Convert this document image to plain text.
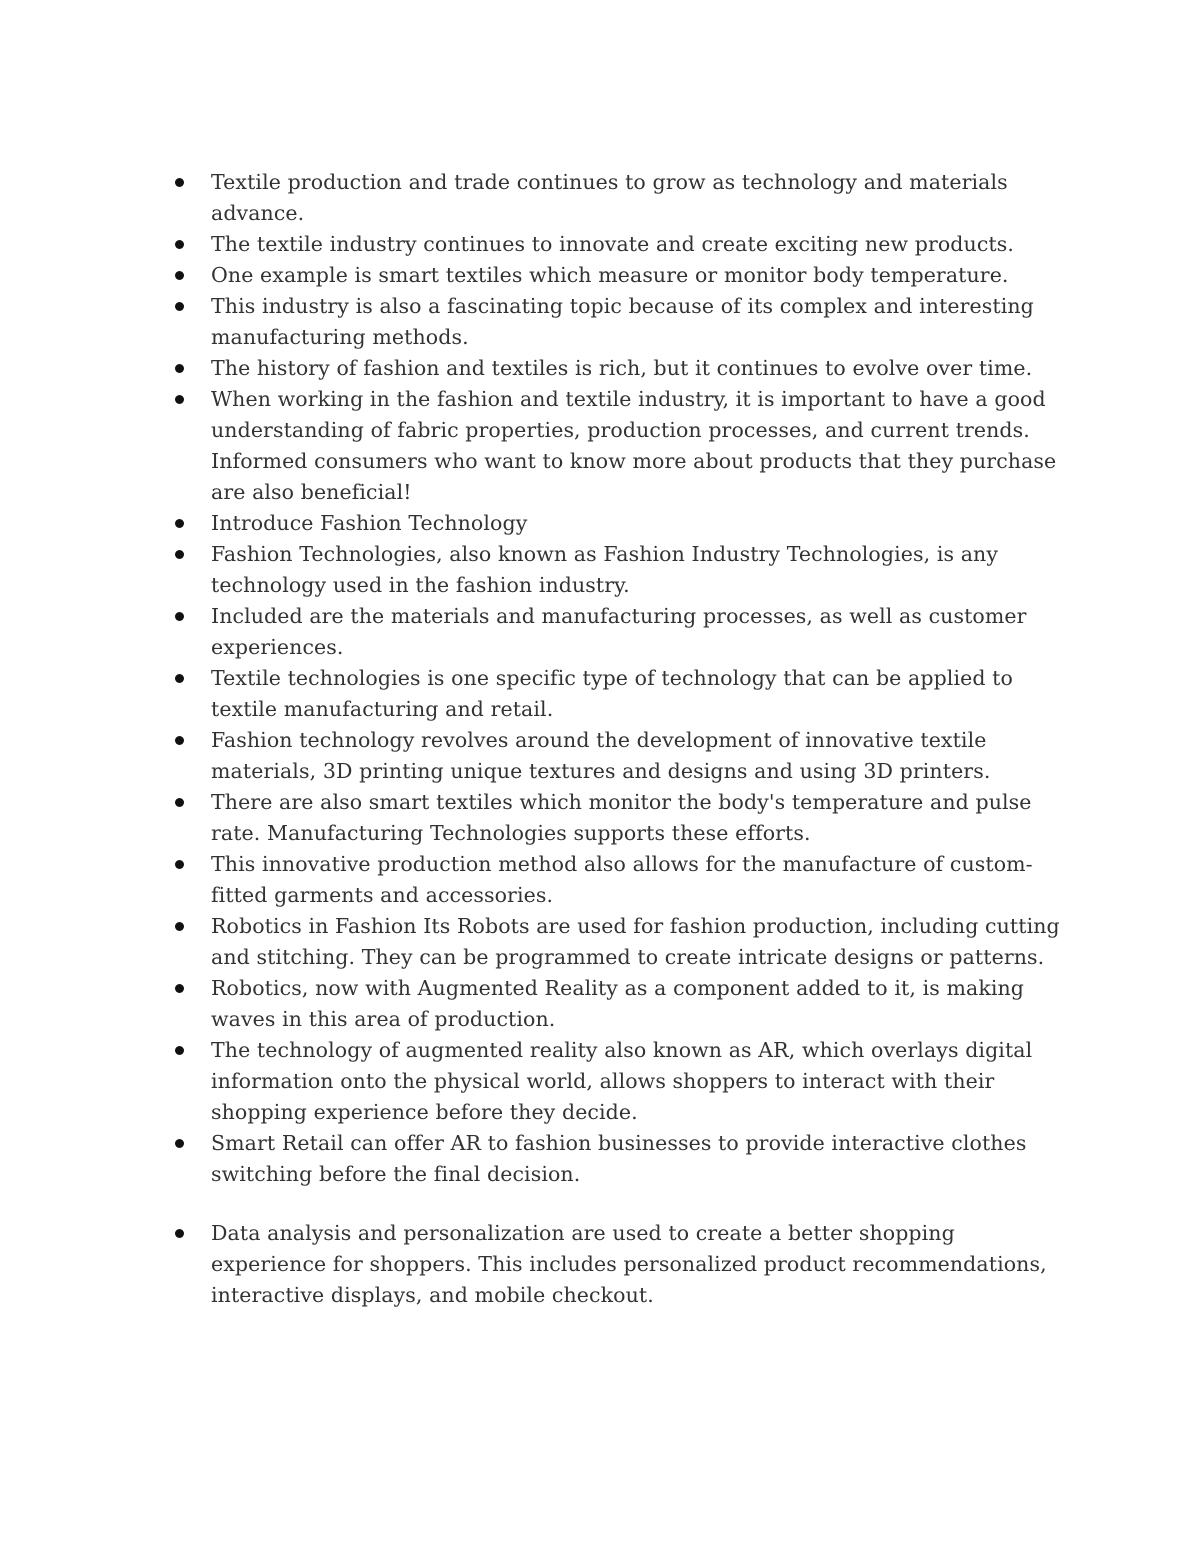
Textile production and trade continues to grow as technology and materials advance.
The textile industry continues to innovate and create exciting new products.
One example is smart textiles which measure or monitor body temperature.
This industry is also a fascinating topic because of its complex and interesting manufacturing methods.
The history of fashion and textiles is rich, but it continues to evolve over time.
When working in the fashion and textile industry, it is important to have a good understanding of fabric properties, production processes, and current trends. Informed consumers who want to know more about products that they purchase are also beneficial!
Introduce Fashion Technology
Fashion Technologies, also known as Fashion Industry Technologies, is any technology used in the fashion industry.
Included are the materials and manufacturing processes, as well as customer experiences.
Textile technologies is one specific type of technology that can be applied to textile manufacturing and retail.
Fashion technology revolves around the development of innovative textile materials, 3D printing unique textures and designs and using 3D printers.
There are also smart textiles which monitor the body's temperature and pulse rate. Manufacturing Technologies supports these efforts.
This innovative production method also allows for the manufacture of custom-fitted garments and accessories.
Robotics in Fashion Its Robots are used for fashion production, including cutting and stitching. They can be programmed to create intricate designs or patterns.
Robotics, now with Augmented Reality as a component added to it, is making waves in this area of production.
The technology of augmented reality also known as AR, which overlays digital information onto the physical world, allows shoppers to interact with their shopping experience before they decide.
Smart Retail can offer AR to fashion businesses to provide interactive clothes switching before the final decision.
Data analysis and personalization are used to create a better shopping experience for shoppers. This includes personalized product recommendations, interactive displays, and mobile checkout.
